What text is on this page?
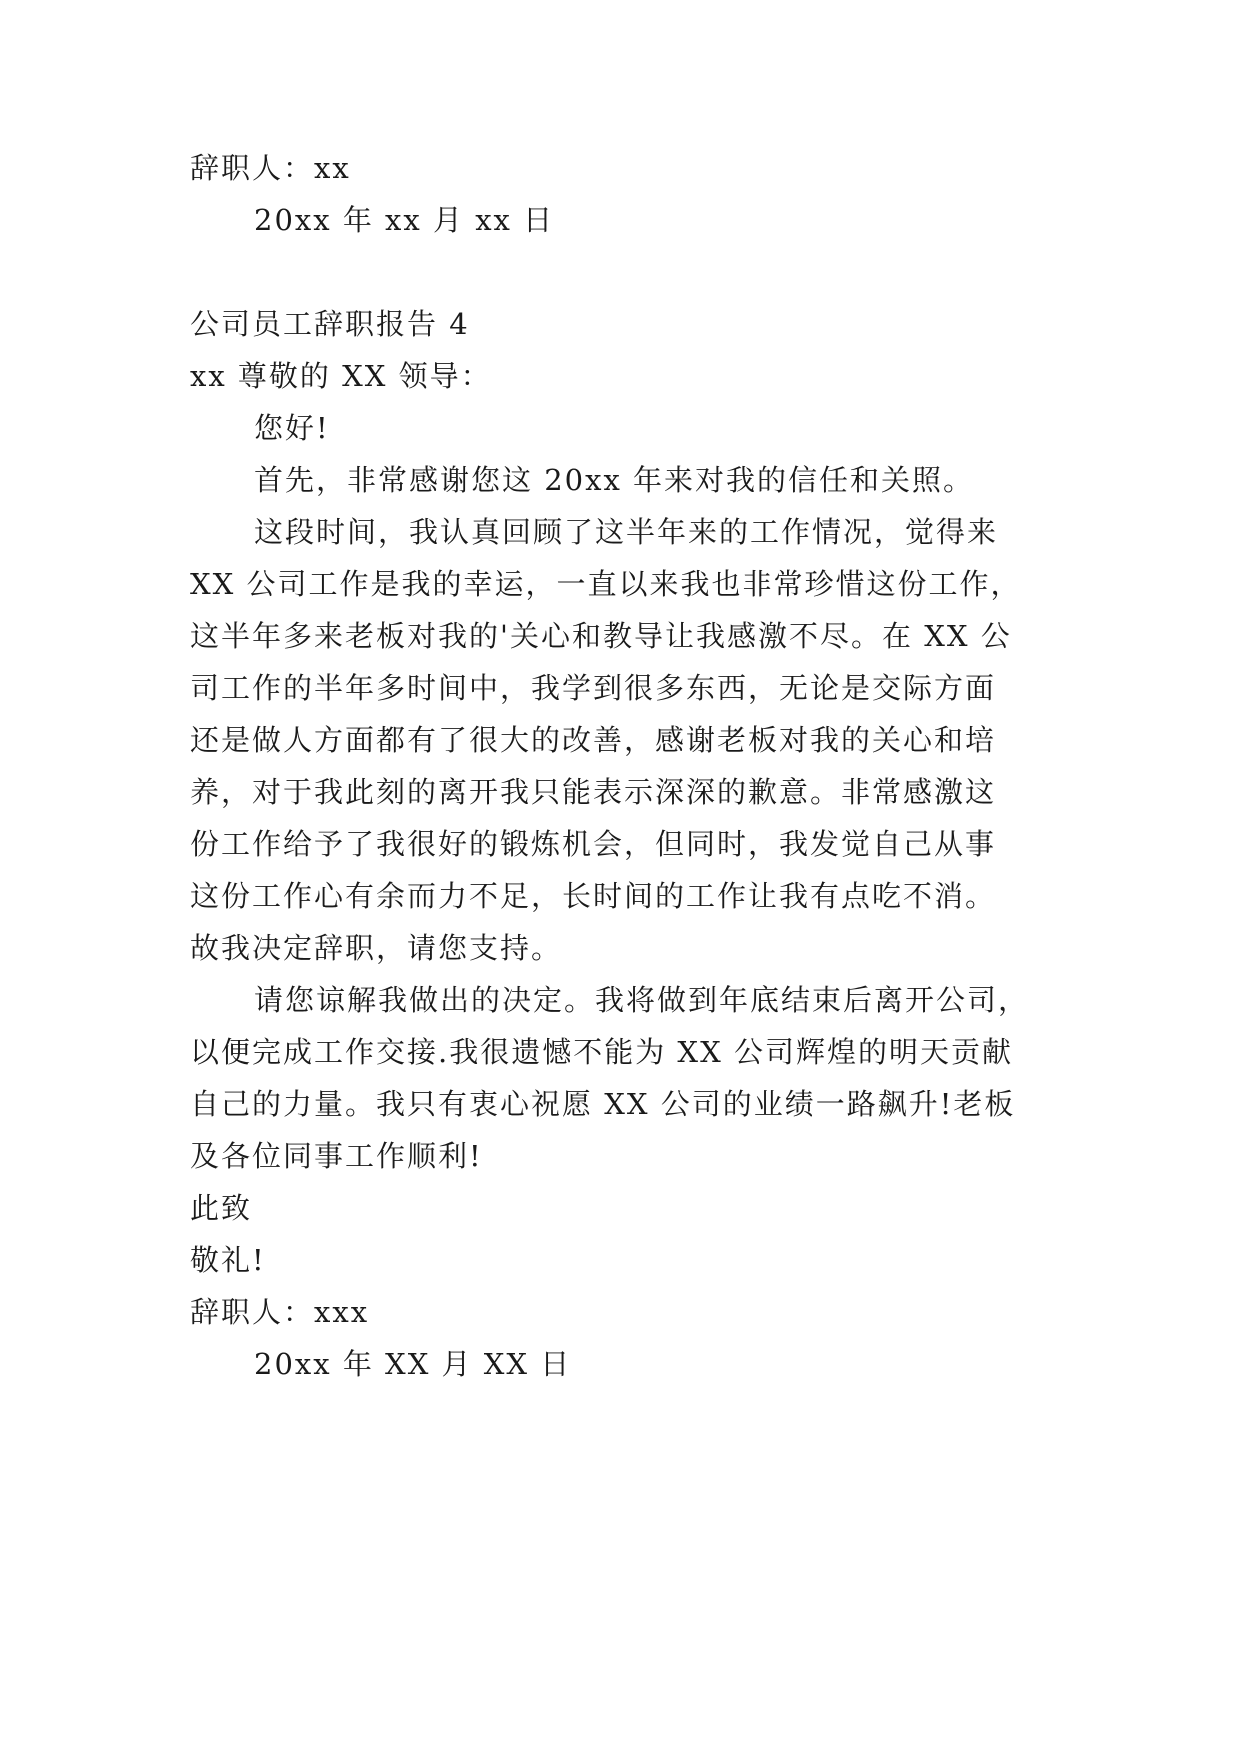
辞职人：xx
20xx 年 xx 月 xx 日
公司员工辞职报告 4
xx 尊敬的 XX 领导：
您好!
首先，非常感谢您这 20xx 年来对我的信任和关照。
这段时间，我认真回顾了这半年来的工作情况，觉得来
XX 公司工作是我的幸运，一直以来我也非常珍惜这份工作，
这半年多来老板对我的'关心和教导让我感激不尽。在 XX 公
司工作的半年多时间中，我学到很多东西，无论是交际方面
还是做人方面都有了很大的改善，感谢老板对我的关心和培
养，对于我此刻的离开我只能表示深深的歉意。非常感激这
份工作给予了我很好的锻炼机会，但同时，我发觉自己从事
这份工作心有余而力不足，长时间的工作让我有点吃不消。
故我决定辞职，请您支持。
请您谅解我做出的决定。我将做到年底结束后离开公司，
以便完成工作交接.我很遗憾不能为 XX 公司辉煌的明天贡献
自己的力量。我只有衷心祝愿 XX 公司的业绩一路飙升!老板
及各位同事工作顺利!
此致
敬礼!
辞职人：xxx
20xx 年 XX 月 XX 日
